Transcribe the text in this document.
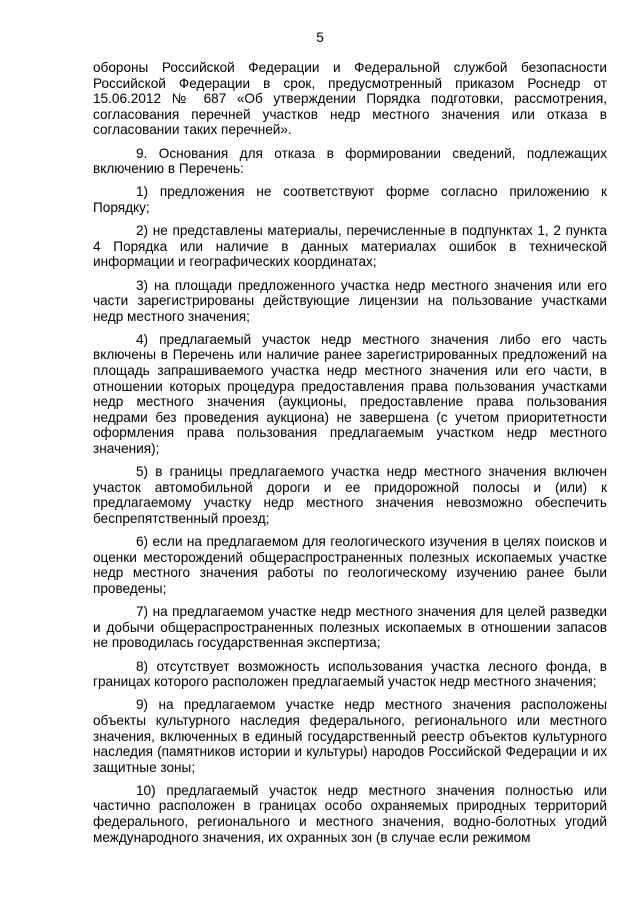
5

обороны Российской Федерации и Федеральной службой безопасности Российской Федерации в срок, предусмотренный приказом Роснедр от 15.06.2012 № 687 «Об утверждении Порядка подготовки, рассмотрения, согласования перечней участков недр местного значения или отказа в согласовании таких перечней».

9. Основания для отказа в формировании сведений, подлежащих включению в Перечень:

1) предложения не соответствуют форме согласно приложению к Порядку;

2) не представлены материалы, перечисленные в подпунктах 1, 2 пункта 4 Порядка или наличие в данных материалах ошибок в технической информации и географических координатах;

3) на площади предложенного участка недр местного значения или его части зарегистрированы действующие лицензии на пользование участками недр местного значения;

4) предлагаемый участок недр местного значения либо его часть включены в Перечень или наличие ранее зарегистрированных предложений на площадь запрашиваемого участка недр местного значения или его части, в отношении которых процедура предоставления права пользования участками недр местного значения (аукционы, предоставление права пользования недрами без проведения аукциона) не завершена (с учетом приоритетности оформления права пользования предлагаемым участком недр местного значения);

5) в границы предлагаемого участка недр местного значения включен участок автомобильной дороги и ее придорожной полосы и (или) к предлагаемому участку недр местного значения невозможно обеспечить беспрепятственный проезд;

6) если на предлагаемом для геологического изучения в целях поисков и оценки месторождений общераспространенных полезных ископаемых участке недр местного значения работы по геологическому изучению ранее были проведены;

7) на предлагаемом участке недр местного значения для целей разведки и добычи общераспространенных полезных ископаемых в отношении запасов не проводилась государственная экспертиза;

8) отсутствует возможность использования участка лесного фонда, в границах которого расположен предлагаемый участок недр местного значения;

9) на предлагаемом участке недр местного значения расположены объекты культурного наследия федерального, регионального или местного значения, включенных в единый государственный реестр объектов культурного наследия (памятников истории и культуры) народов Российской Федерации и их защитные зоны;

10) предлагаемый участок недр местного значения полностью или частично расположен в границах особо охраняемых природных территорий федерального, регионального и местного значения, водно-болотных угодий международного значения, их охранных зон (в случае если режимом
